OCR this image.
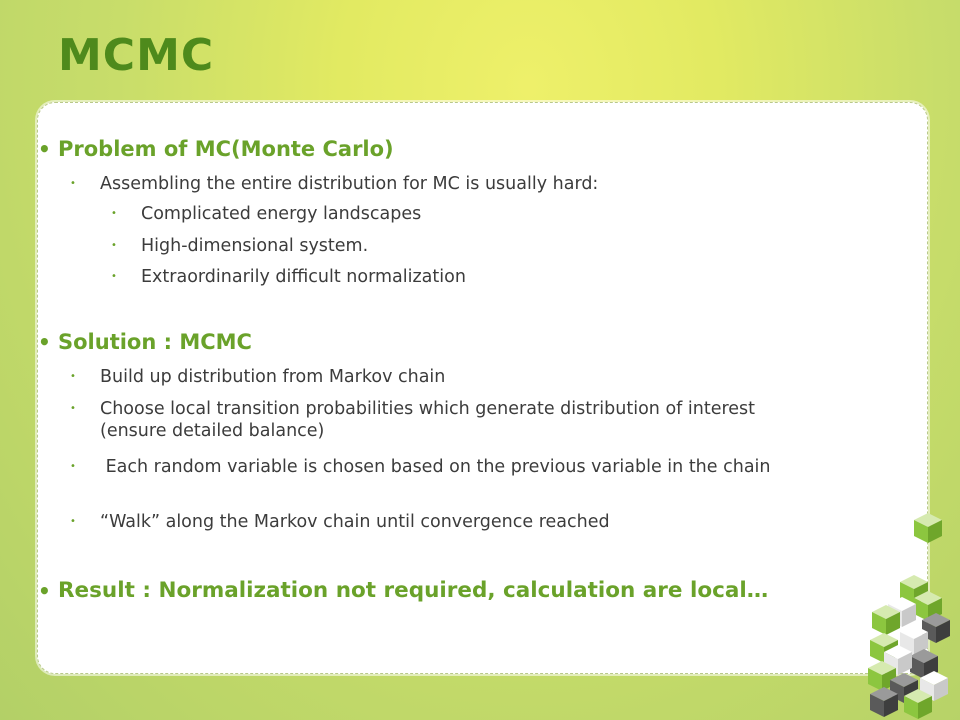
MCMC
• Problem of MC(Monte Carlo)
• Assembling the entire distribution for MC is usually hard:
• Complicated energy landscapes
• High-dimensional system.
• Extraordinarily difficult normalization
• Solution : MCMC
• Build up distribution from Markov chain
• Choose local transition probabilities which generate distribution of interest (ensure detailed balance)
• Each random variable is chosen based on the previous variable in the chain
• “Walk” along the Markov chain until convergence reached
• Result : Normalization not required, calculation are local…
